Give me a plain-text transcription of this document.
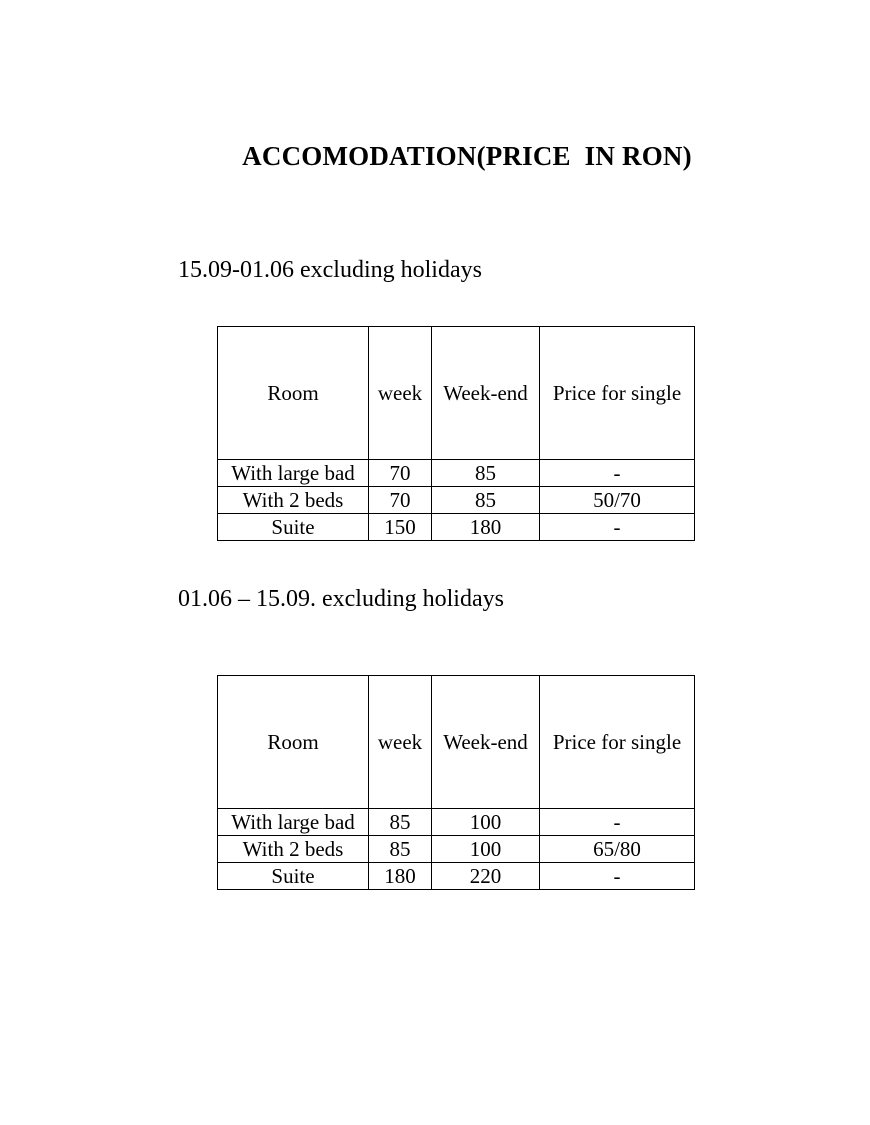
ACCOMODATION(PRICE  IN RON)
15.09-01.06 excluding holidays
Room	week	Week-end	Price for single
With large bad	70	85	-
With 2 beds	70	85	50/70
Suite	150	180	-
01.06 – 15.09. excluding holidays
Room	week	Week-end	Price for single
With large bad	85	100	-
With 2 beds	85	100	65/80
Suite	180	220	-
